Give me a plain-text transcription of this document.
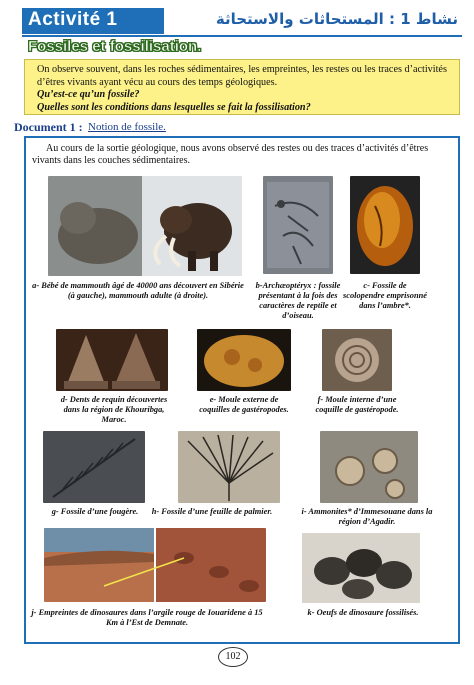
Activité 1	نشاط 1 : المستحاثات والاستحاثة
Fossiles et fossilisation.
On observe souvent, dans les roches sédimentaires, les empreintes, les restes ou les traces d’activités
d’êtres vivants ayant vécu au cours des temps géologiques.
Qu’est-ce qu’un fossile?
Quelles sont les conditions dans lesquelles se fait la fossilisation?
Document 1 : Notion de fossile.
Au cours de la sortie géologique, nous avons observé des restes ou des traces d’activités d’êtres vivants dans les couches sédimentaires.
a- Bébé de mammouth âgé de 40000 ans découvert en Sibérie (à gauche), mammouth adulte (à droite).
b-Archæoptéryx : fossile présentant à la fois des caractères de reptile et d’oiseau.
c- Fossile de scolopendre emprisonné dans l’ambre*.
d- Dents de requin découvertes dans la région de Khouribga, Maroc.
e- Moule externe de coquilles de gastéropodes.
f- Moule interne d’une coquille de gastéropode.
g- Fossile d’une fougère.	h- Fossile d’une feuille de palmier.	i- Ammonites* d’Immesouane dans la région d’Agadir.
j- Empreintes de dinosaures dans l’argile rouge de Iouaridene à 15 Km à l’Est de Demnate.
k- Oeufs de dinosaure fossilisés.
102
